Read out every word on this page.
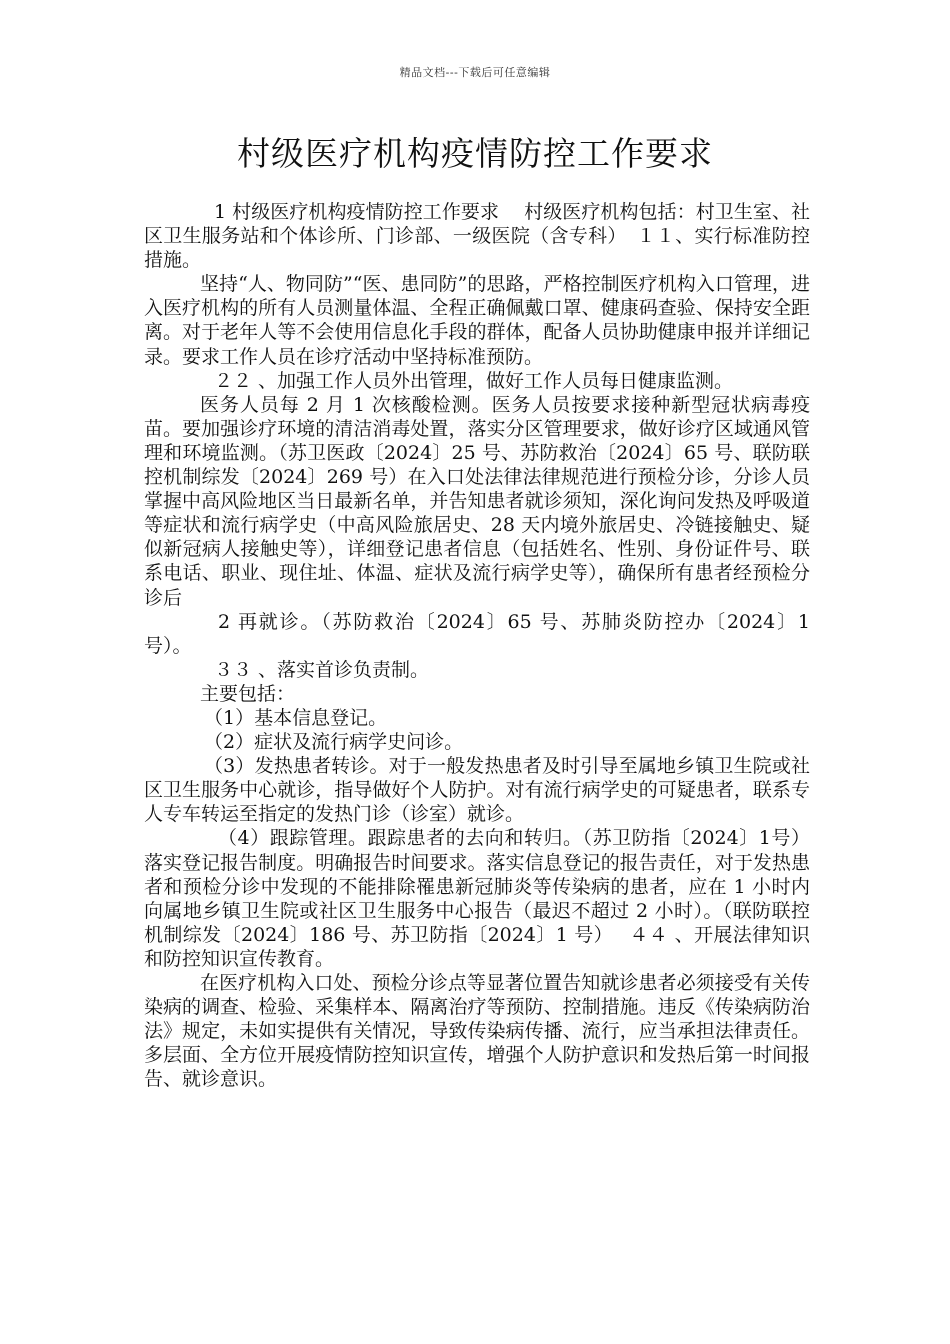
精品文档---下载后可任意编辑
村级医疗机构疫情防控工作要求

1 村级医疗机构疫情防控工作要求　 村级医疗机构包括：村卫生室、社区卫生服务站和个体诊所、门诊部、一级医院（含专科）　１１、实行标准防控措施。

坚持“人、物同防”“医、患同防”的思路，严格控制医疗机构入口管理，进入医疗机构的所有人员测量体温、全程正确佩戴口罩、健康码查验、保持安全距离。对于老年人等不会使用信息化手段的群体，配备人员协助健康申报并详细记录。要求工作人员在诊疗活动中坚持标准预防。

２２ 、加强工作人员外出管理，做好工作人员每日健康监测。

医务人员每 2 月 1 次核酸检测。医务人员按要求接种新型冠状病毒疫苗。要加强诊疗环境的清洁消毒处置，落实分区管理要求，做好诊疗区域通风管理和环境监测。（苏卫医政〔2024〕25 号、苏防救治〔2024〕65 号、联防联控机制综发〔2024〕269 号）在入口处法律法律规范进行预检分诊，分诊人员掌握中高风险地区当日最新名单，并告知患者就诊须知，深化询问发热及呼吸道等症状和流行病学史（中高风险旅居史、28 天内境外旅居史、冷链接触史、疑似新冠病人接触史等），详细登记患者信息（包括姓名、性别、身份证件号、联系电话、职业、现住址、体温、症状及流行病学史等），确保所有患者经预检分诊后

2 再就诊。（苏防救治〔2024〕65 号、苏肺炎防控办〔2024〕1 号）。

３３ 、落实首诊负责制。

主要包括：

（1）基本信息登记。

（2）症状及流行病学史问诊。

（3）发热患者转诊。对于一般发热患者及时引导至属地乡镇卫生院或社区卫生服务中心就诊，指导做好个人防护。对有流行病学史的可疑患者，联系专人专车转运至指定的发热门诊（诊室）就诊。

（4）跟踪管理。跟踪患者的去向和转归。（苏卫防指〔2024〕1号）落实登记报告制度。明确报告时间要求。落实信息登记的报告责任，对于发热患者和预检分诊中发现的不能排除罹患新冠肺炎等传染病的患者，应在 1 小时内向属地乡镇卫生院或社区卫生服务中心报告（最迟不超过 2 小时）。（联防联控机制综发〔2024〕186 号、苏卫防指〔2024〕1 号）　 ４４ 、开展法律知识和防控知识宣传教育。

在医疗机构入口处、预检分诊点等显著位置告知就诊患者必须接受有关传染病的调查、检验、采集样本、隔离治疗等预防、控制措施。违反《传染病防治法》规定，未如实提供有关情况，导致传染病传播、流行，应当承担法律责任。多层面、全方位开展疫情防控知识宣传，增强个人防护意识和发热后第一时间报告、就诊意识。
